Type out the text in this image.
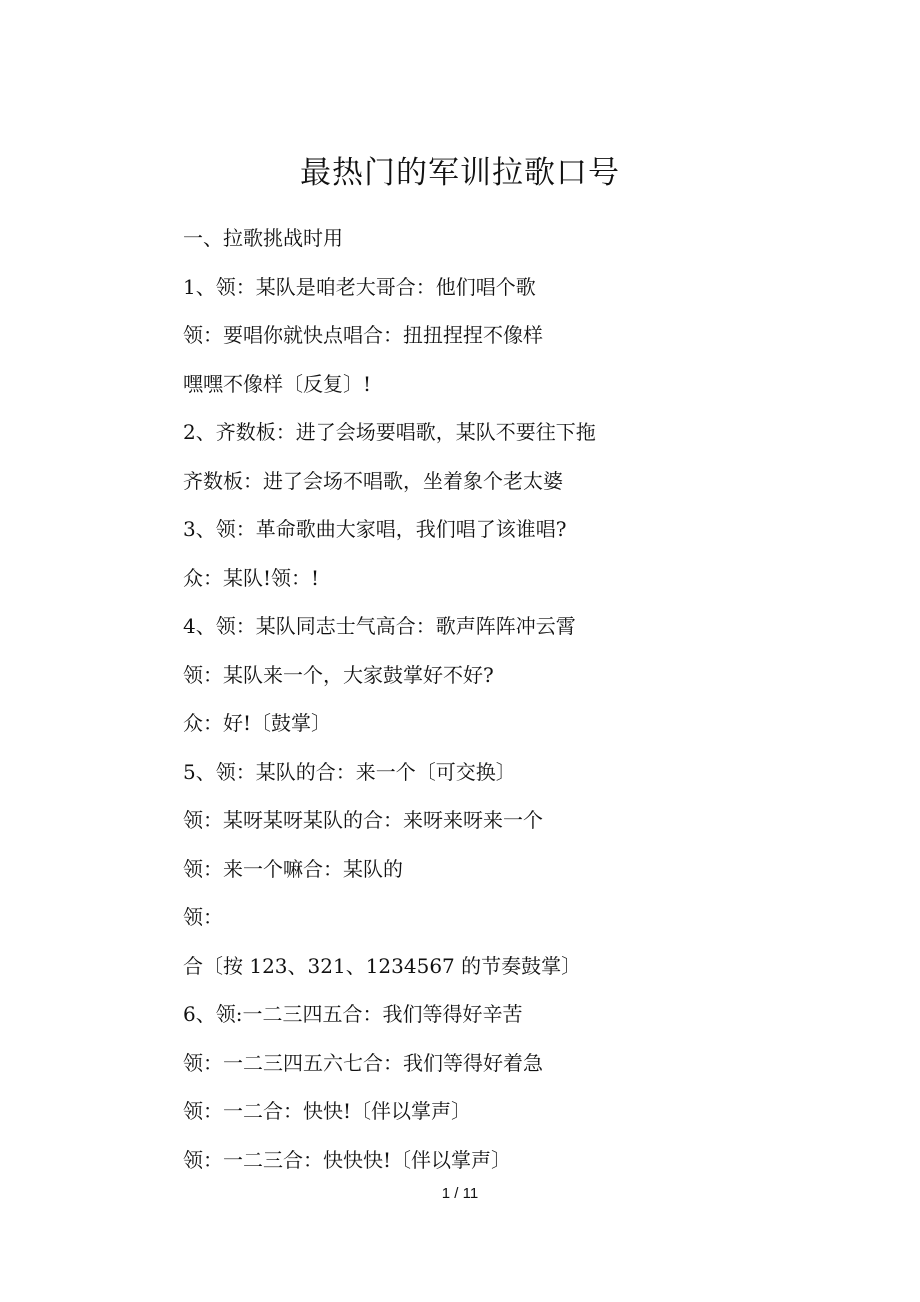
最热门的军训拉歌口号
一、拉歌挑战时用
1、领：某队是咱老大哥合：他们唱个歌
领：要唱你就快点唱合：扭扭捏捏不像样
嘿嘿不像样〔反复〕!
2、齐数板：进了会场要唱歌，某队不要往下拖
齐数板：进了会场不唱歌，坐着象个老太婆
3、领：革命歌曲大家唱，我们唱了该谁唱?
众：某队!领：!
4、领：某队同志士气高合：歌声阵阵冲云霄
领：某队来一个，大家鼓掌好不好?
众：好!〔鼓掌〕
5、领：某队的合：来一个〔可交换〕
领：某呀某呀某队的合：来呀来呀来一个
领：来一个嘛合：某队的
领：
合〔按 123、321、1234567 的节奏鼓掌〕
6、领:一二三四五合：我们等得好辛苦
领：一二三四五六七合：我们等得好着急
领：一二合：快快!〔伴以掌声〕
领：一二三合：快快快!〔伴以掌声〕
1 / 11
